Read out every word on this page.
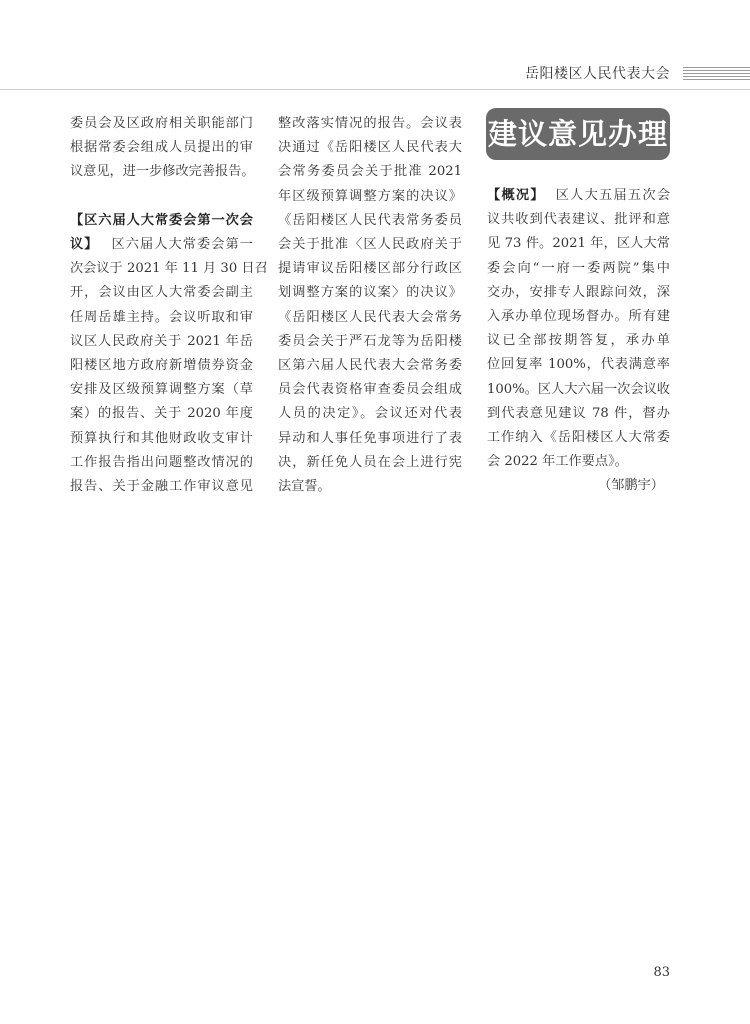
岳阳楼区人民代表大会

委员会及区政府相关职能部门

根据常委会组成人员提出的审

议意见，进一步修改完善报告。

【区六届人大常委会第一次会

议】　 区六届人大常委会第一

次会议于 2021 年 11 月 30 日召

开，会议由区人大常委会副主

任周岳雄主持。会议听取和审

议区人民政府关于 2021 年岳

阳楼区地方政府新增债券资金

安排及区级预算调整方案（草

案）的报告、关于 2020 年度

预算执行和其他财政收支审计

工作报告指出问题整改情况的

报告、关于金融工作审议意见

整改落实情况的报告。会议表

决通过《岳阳楼区人民代表大

会常务委员会关于批准 2021

年区级预算调整方案的决议》

《岳阳楼区人民代表常务委员

会关于批准〈区人民政府关于

提请审议岳阳楼区部分行政区

划调整方案的议案〉的决议》

《岳阳楼区人民代表大会常务

委员会关于严石龙等为岳阳楼

区第六届人民代表大会常务委

员会代表资格审查委员会组成

人员的决定》。会议还对代表

异动和人事任免事项进行了表

决，新任免人员在会上进行宪

法宣誓。

建议意见办理

【概况】 区人大五届五次会

议共收到代表建议、批评和意

见 73 件。2021 年，区人大常

委会向“一府一委两院”集中

交办，安排专人跟踪问效，深

入承办单位现场督办。所有建

议已全部按期答复，承办单

位回复率 100%，代表满意率

100%。区人大六届一次会议收

到代表意见建议 78 件，督办

工作纳入《岳阳楼区人大常委

会 2022 年工作要点》。

（邹鹏宇）

83
